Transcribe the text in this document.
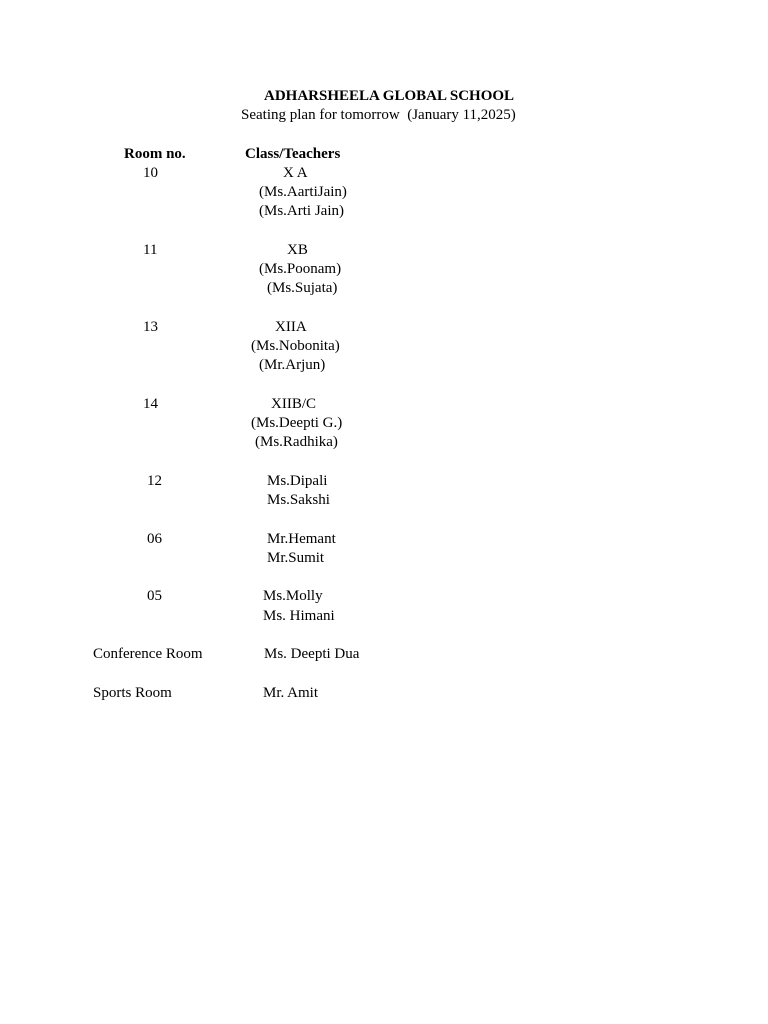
ADHARSHEELA GLOBAL SCHOOL
Seating plan for tomorrow  (January 11,2025)
Room no.	Class/Teachers
10	X A
(Ms.AartiJain)
(Ms.Arti Jain)
11	XB
(Ms.Poonam)
(Ms.Sujata)
13	XIIA
(Ms.Nobonita)
(Mr.Arjun)
14	XIIB/C
(Ms.Deepti G.)
(Ms.Radhika)
12	Ms.Dipali
Ms.Sakshi
06	Mr.Hemant
Mr.Sumit
05	Ms.Molly
Ms. Himani
Conference Room	Ms. Deepti Dua
Sports Room	Mr. Amit
